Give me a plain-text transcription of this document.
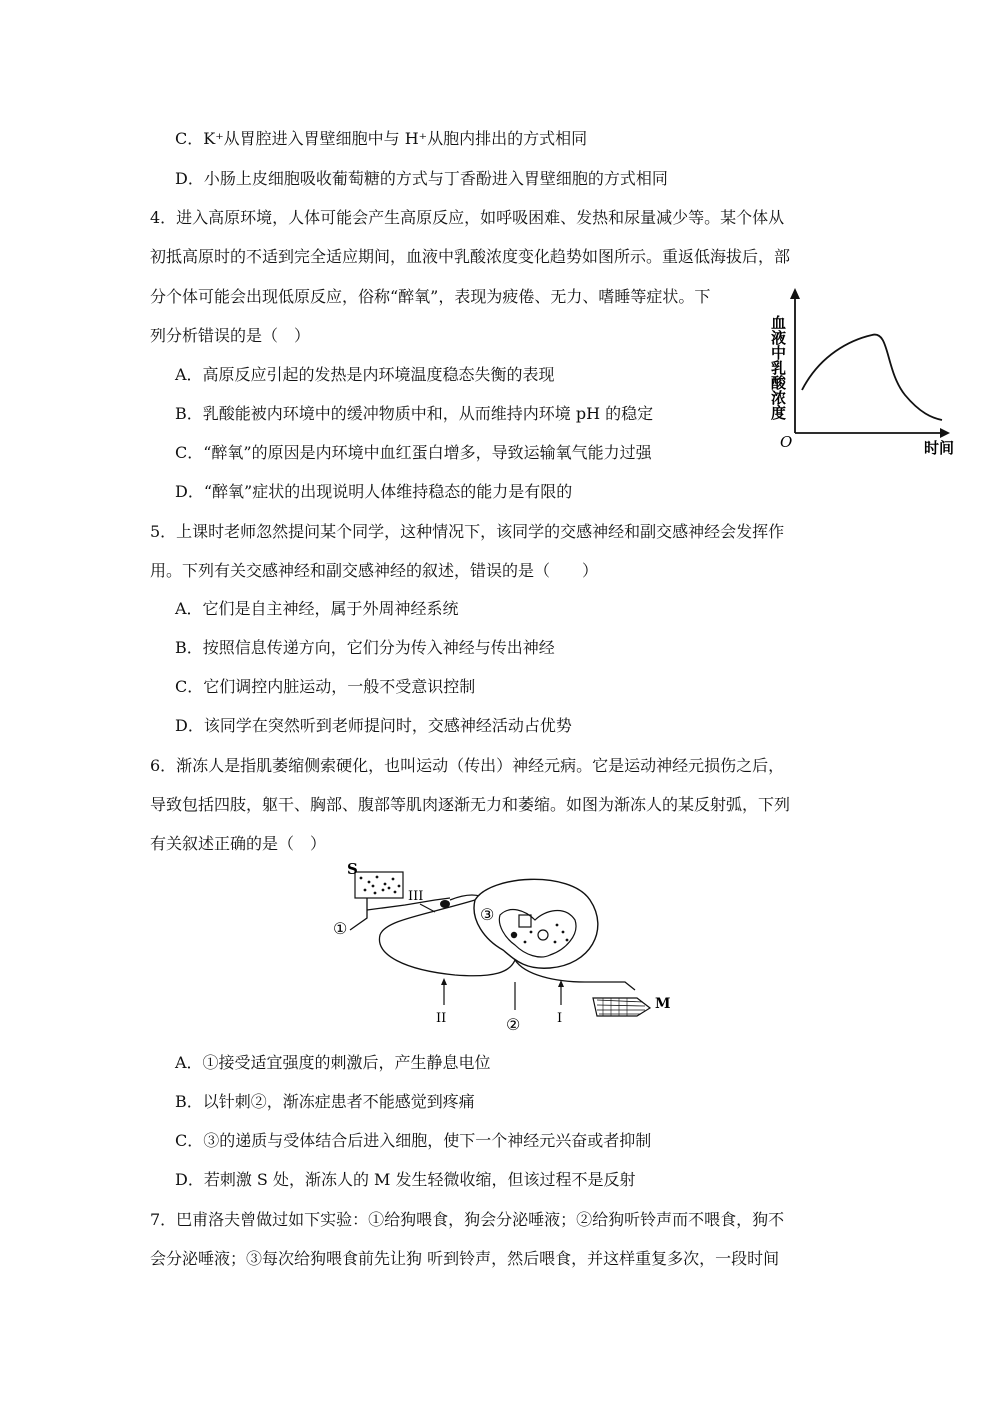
C．K⁺从胃腔进入胃壁细胞中与 H⁺从胞内排出的方式相同
D．小肠上皮细胞吸收葡萄糖的方式与丁香酚进入胃壁细胞的方式相同
4．进入高原环境，人体可能会产生高原反应，如呼吸困难、发热和尿量减少等。某个体从
初抵高原时的不适到完全适应期间，血液中乳酸浓度变化趋势如图所示。重返低海拔后，部
分个体可能会出现低原反应，俗称“醉氧”，表现为疲倦、无力、嗜睡等症状。下
列分析错误的是（　）
A．高原反应引起的发热是内环境温度稳态失衡的表现
B．乳酸能被内环境中的缓冲物质中和，从而维持内环境 pH 的稳定
C．“醉氧”的原因是内环境中血红蛋白增多，导致运输氧气能力过强
D．“醉氧”症状的出现说明人体维持稳态的能力是有限的
血液中乳酸浓度
O	时间
5．上课时老师忽然提问某个同学，这种情况下，该同学的交感神经和副交感神经会发挥作
用。下列有关交感神经和副交感神经的叙述，错误的是（　　）
A．它们是自主神经，属于外周神经系统
B．按照信息传递方向，它们分为传入神经与传出神经
C．它们调控内脏运动，一般不受意识控制
D．该同学在突然听到老师提问时，交感神经活动占优势
6．渐冻人是指肌萎缩侧索硬化，也叫运动（传出）神经元病。它是运动神经元损伤之后，
导致包括四肢，躯干、胸部、腹部等肌肉逐渐无力和萎缩。如图为渐冻人的某反射弧，下列
有关叙述正确的是（　）
S
①
III
③
M
II	I
②
A．①接受适宜强度的刺激后，产生静息电位
B．以针刺②，渐冻症患者不能感觉到疼痛
C．③的递质与受体结合后进入细胞，使下一个神经元兴奋或者抑制
D．若刺激 S 处，渐冻人的 M 发生轻微收缩，但该过程不是反射
7．巴甫洛夫曾做过如下实验：①给狗喂食，狗会分泌唾液；②给狗听铃声而不喂食，狗不
会分泌唾液；③每次给狗喂食前先让狗 听到铃声，然后喂食，并这样重复多次，一段时间
